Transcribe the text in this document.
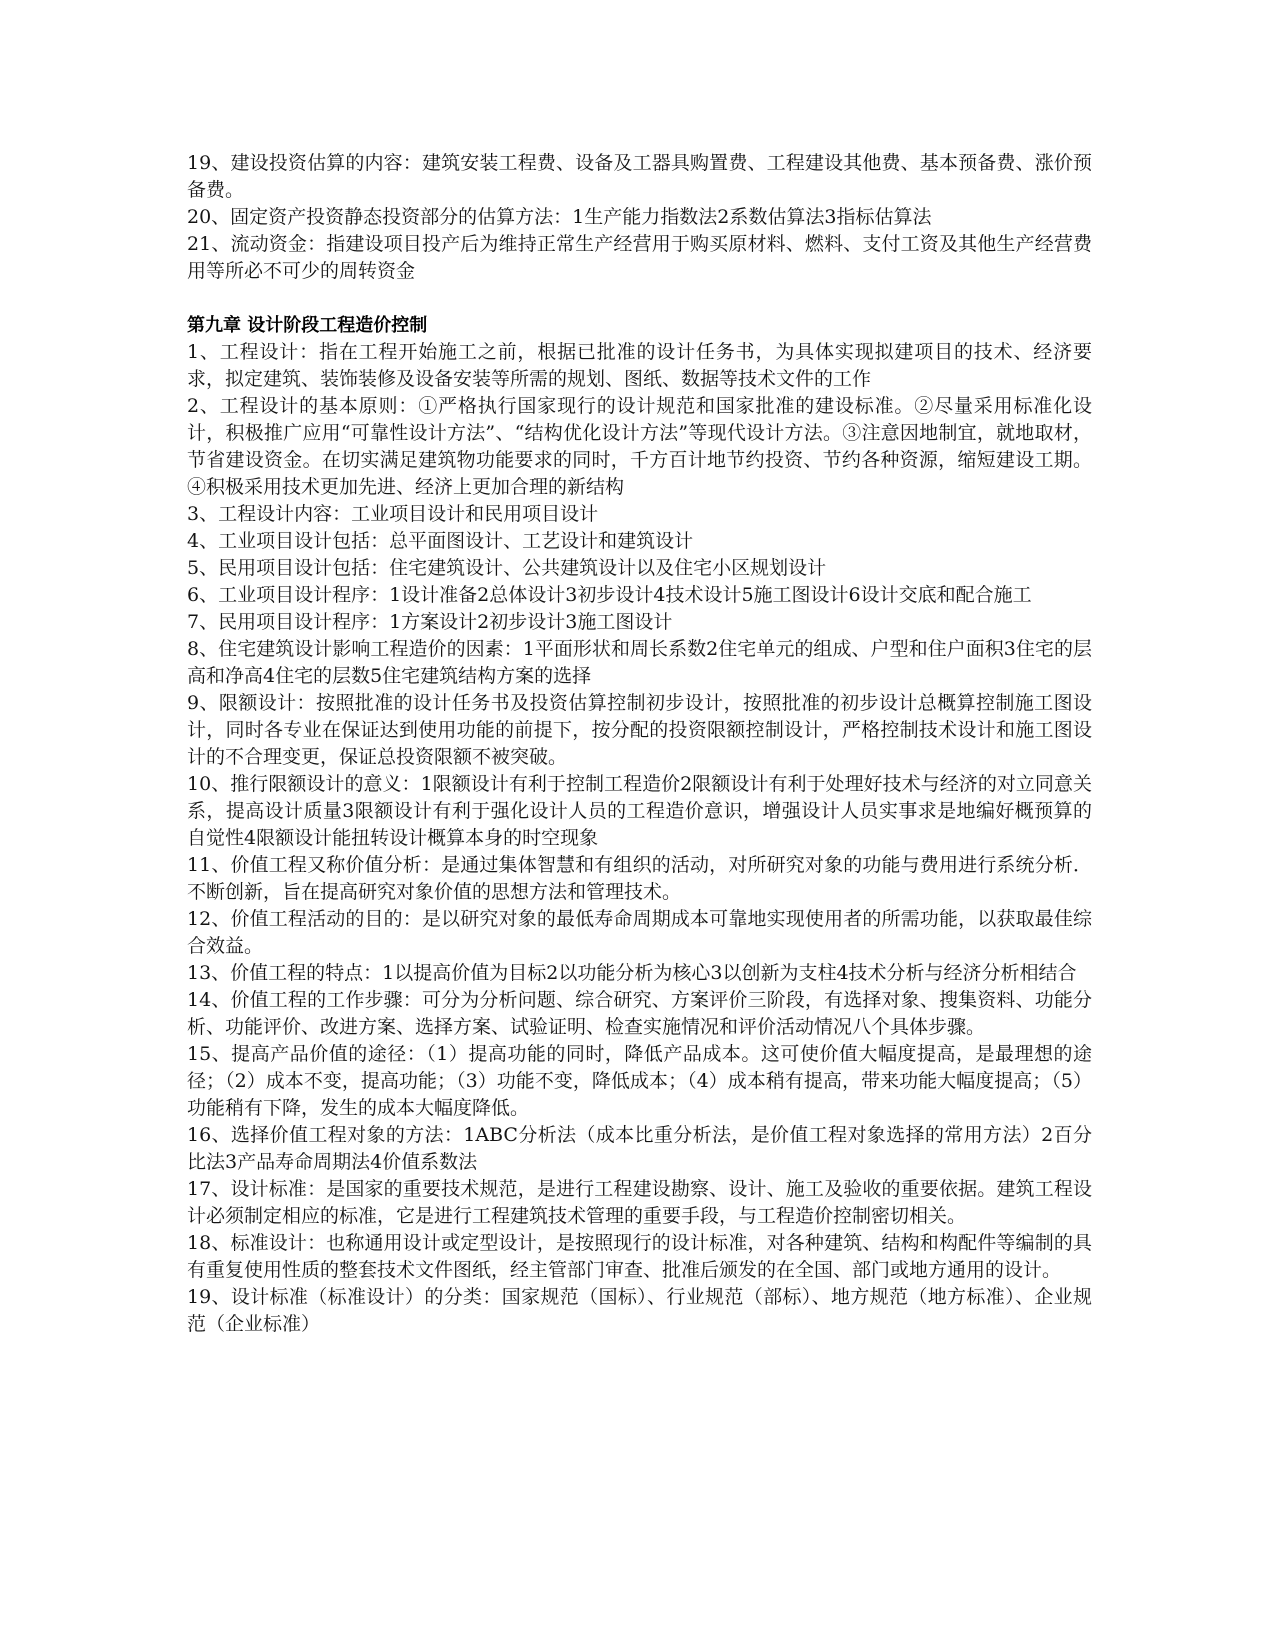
19、建设投资估算的内容：建筑安装工程费、设备及工器具购置费、工程建设其他费、基本预备费、涨价预备费。

20、固定资产投资静态投资部分的估算方法：1生产能力指数法2系数估算法3指标估算法

21、流动资金：指建设项目投产后为维持正常生产经营用于购买原材料、燃料、支付工资及其他生产经营费用等所必不可少的周转资金

第九章 设计阶段工程造价控制

1、工程设计：指在工程开始施工之前，根据已批准的设计任务书，为具体实现拟建项目的技术、经济要求，拟定建筑、装饰装修及设备安装等所需的规划、图纸、数据等技术文件的工作

2、工程设计的基本原则：①严格执行国家现行的设计规范和国家批准的建设标准。②尽量采用标准化设计，积极推广应用“可靠性设计方法”、“结构优化设计方法”等现代设计方法。③注意因地制宜，就地取材，节省建设资金。在切实满足建筑物功能要求的同时，千方百计地节约投资、节约各种资源，缩短建设工期。④积极采用技术更加先进、经济上更加合理的新结构

3、工程设计内容：工业项目设计和民用项目设计

4、工业项目设计包括：总平面图设计、工艺设计和建筑设计

5、民用项目设计包括：住宅建筑设计、公共建筑设计以及住宅小区规划设计

6、工业项目设计程序：1设计准备2总体设计3初步设计4技术设计5施工图设计6设计交底和配合施工

7、民用项目设计程序：1方案设计2初步设计3施工图设计

8、住宅建筑设计影响工程造价的因素：1平面形状和周长系数2住宅单元的组成、户型和住户面积3住宅的层高和净高4住宅的层数5住宅建筑结构方案的选择

9、限额设计：按照批准的设计任务书及投资估算控制初步设计，按照批准的初步设计总概算控制施工图设计，同时各专业在保证达到使用功能的前提下，按分配的投资限额控制设计，严格控制技术设计和施工图设计的不合理变更，保证总投资限额不被突破。

10、推行限额设计的意义：1限额设计有利于控制工程造价2限额设计有利于处理好技术与经济的对立同意关系，提高设计质量3限额设计有利于强化设计人员的工程造价意识，增强设计人员实事求是地编好概预算的自觉性4限额设计能扭转设计概算本身的时空现象

11、价值工程又称价值分析：是通过集体智慧和有组织的活动，对所研究对象的功能与费用进行系统分析．不断创新，旨在提高研究对象价值的思想方法和管理技术。

12、价值工程活动的目的：是以研究对象的最低寿命周期成本可靠地实现使用者的所需功能，以获取最佳综合效益。

13、价值工程的特点：1以提高价值为目标2以功能分析为核心3以创新为支柱4技术分析与经济分析相结合

14、价值工程的工作步骤：可分为分析问题、综合研究、方案评价三阶段，有选择对象、搜集资料、功能分析、功能评价、改进方案、选择方案、试验证明、检查实施情况和评价活动情况八个具体步骤。

15、提高产品价值的途径：（1）提高功能的同时，降低产品成本。这可使价值大幅度提高，是最理想的途径；（2）成本不变，提高功能；（3）功能不变，降低成本；（4）成本稍有提高，带来功能大幅度提高；（5）功能稍有下降，发生的成本大幅度降低。

16、选择价值工程对象的方法：1ABC分析法（成本比重分析法，是价值工程对象选择的常用方法）2百分比法3产品寿命周期法4价值系数法

17、设计标准：是国家的重要技术规范，是进行工程建设勘察、设计、施工及验收的重要依据。建筑工程设计必须制定相应的标准，它是进行工程建筑技术管理的重要手段，与工程造价控制密切相关。

18、标准设计：也称通用设计或定型设计，是按照现行的设计标准，对各种建筑、结构和构配件等编制的具有重复使用性质的整套技术文件图纸，经主管部门审查、批准后颁发的在全国、部门或地方通用的设计。

19、设计标准（标准设计）的分类：国家规范（国标）、行业规范（部标）、地方规范（地方标准）、企业规范（企业标准）
